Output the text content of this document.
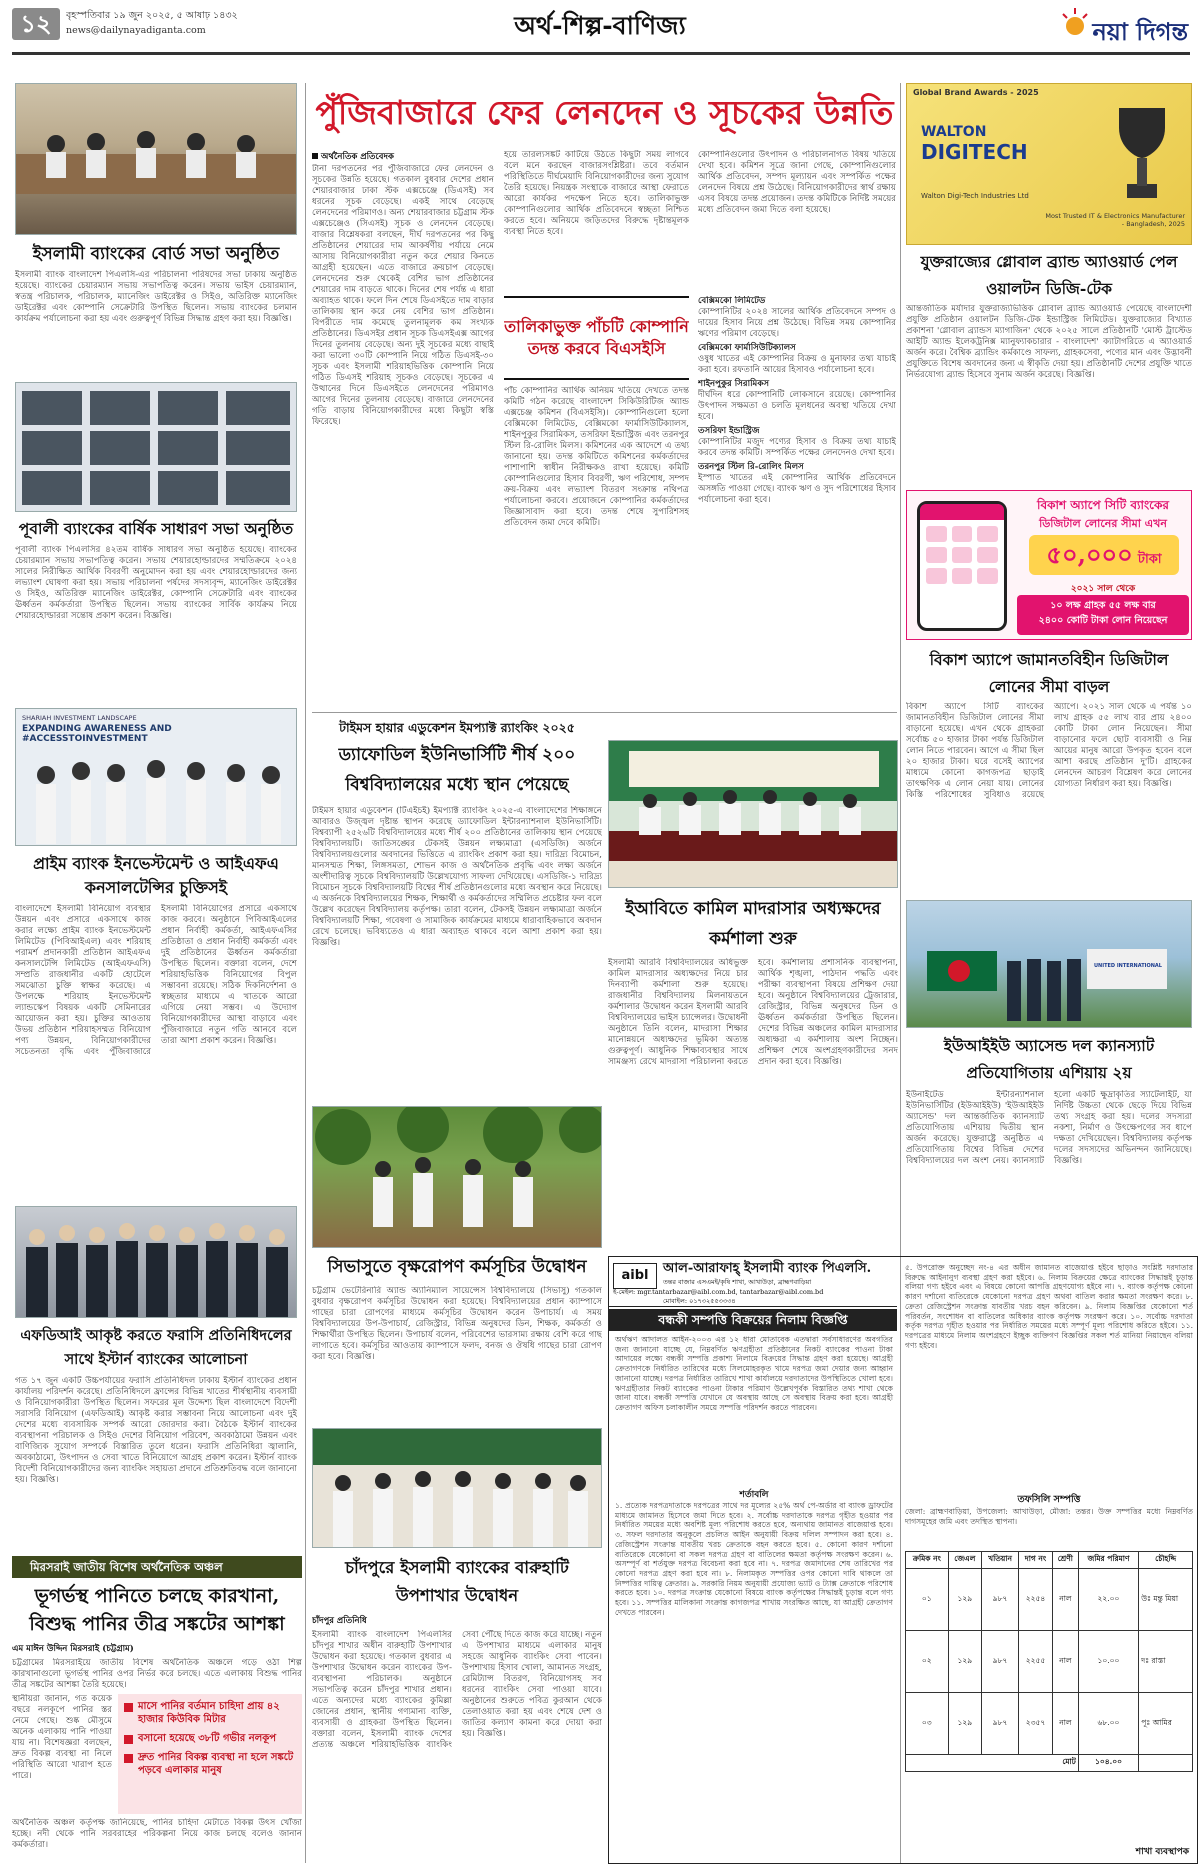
১২	বৃহস্পতিবার ১৯ জুন ২০২৫, ৫ আষাঢ় ১৪৩২
news@dailynayadiganta.com	অর্থ-শিল্প-বাণিজ্য	নয়া দিগন্ত
ইসলামী ব্যাংকের বোর্ড সভা অনুষ্ঠিত
ইসলামী ব্যাংক বাংলাদেশ পিএলসি-এর পরিচালনা পরিষদের সভা ঢাকায় অনুষ্ঠিত হয়েছে। ব্যাংকের চেয়ারম্যান সভায় সভাপতিত্ব করেন। সভায় ভাইস চেয়ারম্যান, স্বতন্ত্র পরিচালক, পরিচালক, ম্যানেজিং ডাইরেক্টর ও সিইও, অতিরিক্ত ম্যানেজিং ডাইরেক্টর এবং কোম্পানি সেক্রেটারি উপস্থিত ছিলেন। সভায় ব্যাংকের চলমান কার্যক্রম পর্যালোচনা করা হয় এবং গুরুত্বপূর্ণ বিভিন্ন সিদ্ধান্ত গ্রহণ করা হয়। বিজ্ঞপ্তি।
পূবালী ব্যাংকের বার্ষিক সাধারণ সভা অনুষ্ঠিত
পূবালী ব্যাংক পিএলসির ৪২তম বার্ষিক সাধারণ সভা অনুষ্ঠিত হয়েছে। ব্যাংকের চেয়ারম্যান সভায় সভাপতিত্ব করেন। সভায় শেয়ারহোল্ডারদের সম্মতিক্রমে ২০২৪ সালের নিরীক্ষিত আর্থিক বিবরণী অনুমোদন করা হয় এবং শেয়ারহোল্ডারদের জন্য লভ্যাংশ ঘোষণা করা হয়। সভায় পরিচালনা পর্ষদের সদস্যবৃন্দ, ম্যানেজিং ডাইরেক্টর ও সিইও, অতিরিক্ত ম্যানেজিং ডাইরেক্টর, কোম্পানি সেক্রেটারি এবং ব্যাংকের ঊর্ধ্বতন কর্মকর্তারা উপস্থিত ছিলেন। সভায় ব্যাংকের সার্বিক কার্যক্রম নিয়ে শেয়ারহোল্ডাররা সন্তোষ প্রকাশ করেন। বিজ্ঞপ্তি।
SHARIAH INVESTMENT LANDSCAPE
EXPANDING AWARENESS AND #ACCESSTOINVESTMENT
প্রাইম ব্যাংক ইনভেস্টমেন্ট ও আইএফএ কনসালটেন্সির চুক্তিসই
বাংলাদেশে ইসলামী বিনিয়োগ ব্যবস্থার উন্নয়ন এবং প্রসারে একসাথে কাজ করার লক্ষ্যে প্রাইম ব্যাংক ইনভেস্টমেন্ট লিমিটেড (পিবিআইএল) এবং শরিয়াহ পরামর্শ প্রদানকারী প্রতিষ্ঠান আইএফএ কনসালটেন্সি লিমিটেড (আইএফএসি) সম্প্রতি রাজধানীর একটি হোটেলে সমঝোতা চুক্তি স্বাক্ষর করেছে। এ উপলক্ষে শরিয়াহ ইনভেস্টমেন্ট ল্যান্ডস্কেপ বিষয়ক একটি সেমিনারের আয়োজন করা হয়। চুক্তির আওতায় উভয় প্রতিষ্ঠান শরিয়াহসম্মত বিনিয়োগ পণ্য উন্নয়ন, বিনিয়োগকারীদের সচেতনতা বৃদ্ধি এবং পুঁজিবাজারে ইসলামী বিনিয়োগের প্রসারে একসাথে কাজ করবে। অনুষ্ঠানে পিবিআইএলের প্রধান নির্বাহী কর্মকর্তা, আইএফএসির প্রতিষ্ঠাতা ও প্রধান নির্বাহী কর্মকর্তা এবং দুই প্রতিষ্ঠানের ঊর্ধ্বতন কর্মকর্তারা উপস্থিত ছিলেন। বক্তারা বলেন, দেশে শরিয়াহভিত্তিক বিনিয়োগের বিপুল সম্ভাবনা রয়েছে। সঠিক দিকনির্দেশনা ও স্বচ্ছতার মাধ্যমে এ খাতকে আরো এগিয়ে নেয়া সম্ভব। এ উদ্যোগ বিনিয়োগকারীদের আস্থা বাড়াবে এবং পুঁজিবাজারে নতুন গতি আনবে বলে তারা আশা প্রকাশ করেন। বিজ্ঞপ্তি।
এফডিআই আকৃষ্ট করতে ফরাসি প্রতিনিধিদলের সাথে ইস্টার্ন ব্যাংকের আলোচনা
গত ১৭ জুন একটি উচ্চপর্যায়ের ফরাসি প্রতিনিধিদল ঢাকায় ইস্টার্ন ব্যাংকের প্রধান কার্যালয় পরিদর্শন করেছে। প্রতিনিধিদলে ফ্রান্সের বিভিন্ন খাতের শীর্ষস্থানীয় ব্যবসায়ী ও বিনিয়োগকারীরা উপস্থিত ছিলেন। সফরের মূল উদ্দেশ্য ছিল বাংলাদেশে বিদেশী সরাসরি বিনিয়োগ (এফডিআই) আকৃষ্ট করার সম্ভাবনা নিয়ে আলোচনা এবং দুই দেশের মধ্যে ব্যবসায়িক সম্পর্ক আরো জোরদার করা। বৈঠকে ইস্টার্ন ব্যাংকের ব্যবস্থাপনা পরিচালক ও সিইও দেশের বিনিয়োগ পরিবেশ, অবকাঠামো উন্নয়ন এবং বাণিজ্যিক সুযোগ সম্পর্কে বিস্তারিত তুলে ধরেন। ফরাসি প্রতিনিধিরা জ্বালানি, অবকাঠামো, উৎপাদন ও সেবা খাতে বিনিয়োগে আগ্রহ প্রকাশ করেন। ইস্টার্ন ব্যাংক বিদেশী বিনিয়োগকারীদের জন্য ব্যাংকিং সহায়তা প্রদানে প্রতিশ্রুতিবদ্ধ বলে জানানো হয়। বিজ্ঞপ্তি।
মিরসরাই জাতীয় বিশেষ অর্থনৈতিক অঞ্চল
ভূগর্ভস্থ পানিতে চলছে কারখানা, বিশুদ্ধ পানির তীব্র সঙ্কটের আশঙ্কা
এম মাঈন উদ্দিন মিরসরাই (চট্টগ্রাম)
চট্টগ্রামের মিরসরাইয়ে জাতীয় বিশেষ অর্থনৈতিক অঞ্চলে গড়ে ওঠা শিল্প কারখানাগুলো ভূগর্ভস্থ পানির ওপর নির্ভর করে চলছে। এতে এলাকায় বিশুদ্ধ পানির তীব্র সঙ্কটের আশঙ্কা তৈরি হয়েছে।
স্থানীয়রা জানান, গত কয়েক বছরে নলকূপে পানির স্তর নেমে গেছে। শুষ্ক মৌসুমে অনেক এলাকায় পানি পাওয়া যায় না। বিশেষজ্ঞরা বলছেন, দ্রুত বিকল্প ব্যবস্থা না নিলে পরিস্থিতি আরো খারাপ হতে পারে।
মাসে পানির বর্তমান চাহিদা প্রায় ৪২ হাজার কিউবিক মিটার
বসানো হয়েছে ৩৮টি গভীর নলকূপ
দ্রুত পানির বিকল্প ব্যবস্থা না হলে সঙ্কটে পড়বে এলাকার মানুষ
অর্থনৈতিক অঞ্চল কর্তৃপক্ষ জানিয়েছে, পানির চাহিদা মেটাতে বিকল্প উৎস খোঁজা হচ্ছে। নদী থেকে পানি সরবরাহের পরিকল্পনা নিয়ে কাজ চলছে বলেও জানান কর্মকর্তারা।
পুঁজিবাজারে ফের লেনদেন ও সূচকের উন্নতি
অর্থনৈতিক প্রতিবেদক
টানা দরপতনের পর পুঁজিবাজারে ফের লেনদেন ও সূচকের উন্নতি হয়েছে। গতকাল বুধবার দেশের প্রধান শেয়ারবাজার ঢাকা স্টক এক্সচেঞ্জে (ডিএসই) সব ধরনের সূচক বেড়েছে। একই সাথে বেড়েছে লেনদেনের পরিমাণও। অন্য শেয়ারবাজার চট্টগ্রাম স্টক এক্সচেঞ্জেও (সিএসই) সূচক ও লেনদেন বেড়েছে। বাজার বিশ্লেষকরা বলছেন, দীর্ঘ দরপতনের পর কিছু প্রতিষ্ঠানের শেয়ারের দাম আকর্ষণীয় পর্যায়ে নেমে আসায় বিনিয়োগকারীরা নতুন করে শেয়ার কিনতে আগ্রহী হয়েছেন। এতে বাজারে ক্রয়চাপ বেড়েছে। লেনদেনের শুরু থেকেই বেশির ভাগ প্রতিষ্ঠানের শেয়ারের দাম বাড়তে থাকে। দিনের শেষ পর্যন্ত এ ধারা অব্যাহত থাকে। ফলে দিন শেষে ডিএসইতে দাম বাড়ার তালিকায় স্থান করে নেয় বেশির ভাগ প্রতিষ্ঠান। বিপরীতে দাম কমেছে তুলনামূলক কম সংখ্যক প্রতিষ্ঠানের। ডিএসইর প্রধান সূচক ডিএসইএক্স আগের দিনের তুলনায় বেড়েছে। অন্য দুই সূচকের মধ্যে বাছাই করা ভালো ৩০টি কোম্পানি নিয়ে গঠিত ডিএসই-৩০ সূচক এবং ইসলামী শরিয়াহভিত্তিক কোম্পানি নিয়ে গঠিত ডিএসই শরিয়াহ সূচকও বেড়েছে। সূচকের এ উত্থানের দিনে ডিএসইতে লেনদেনের পরিমাণও আগের দিনের তুলনায় বেড়েছে। বাজারে লেনদেনের গতি বাড়ায় বিনিয়োগকারীদের মধ্যে কিছুটা স্বস্তি ফিরেছে।
হয়ে তারল্যসঙ্কট কাটিয়ে উঠতে কিছুটা সময় লাগবে বলে মনে করছেন বাজারসংশ্লিষ্টরা। তবে বর্তমান পরিস্থিতিতে দীর্ঘমেয়াদি বিনিয়োগকারীদের জন্য সুযোগ তৈরি হয়েছে। নিয়ন্ত্রক সংস্থাকে বাজারে আস্থা ফেরাতে আরো কার্যকর পদক্ষেপ নিতে হবে। তালিকাভুক্ত কোম্পানিগুলোর আর্থিক প্রতিবেদনে স্বচ্ছতা নিশ্চিত করতে হবে। অনিয়মে জড়িতদের বিরুদ্ধে দৃষ্টান্তমূলক ব্যবস্থা নিতে হবে।
কোম্পানিগুলোর উৎপাদন ও পরিচালনাগত বিষয় খতিয়ে দেখা হবে। কমিশন সূত্রে জানা গেছে, কোম্পানিগুলোর আর্থিক প্রতিবেদন, সম্পদ মূল্যায়ন এবং সম্পর্কিত পক্ষের লেনদেন বিষয়ে প্রশ্ন উঠেছে। বিনিয়োগকারীদের স্বার্থ রক্ষায় এসব বিষয়ে তদন্ত প্রয়োজন। তদন্ত কমিটিকে নির্দিষ্ট সময়ের মধ্যে প্রতিবেদন জমা দিতে বলা হয়েছে।
তালিকাভুক্ত পাঁচটি কোম্পানি তদন্ত করবে বিএসইসি
পাঁচ কোম্পানির আর্থিক অনিয়ম খতিয়ে দেখতে তদন্ত কমিটি গঠন করেছে বাংলাদেশ সিকিউরিটিজ অ্যান্ড এক্সচেঞ্জ কমিশন (বিএসইসি)। কোম্পানিগুলো হলো বেক্সিমকো লিমিটেড, বেক্সিমকো ফার্মাসিউটিক্যালস, শাইনপুকুর সিরামিকস, তসরিফা ইন্ডাস্ট্রিজ এবং তরনপুর স্টিল রি-রোলিং মিলস। কমিশনের এক আদেশে এ তথ্য জানানো হয়। তদন্ত কমিটিতে কমিশনের কর্মকর্তাদের পাশাপাশি স্বাধীন নিরীক্ষকও রাখা হয়েছে। কমিটি কোম্পানিগুলোর হিসাব বিবরণী, ঋণ পরিশোধ, সম্পদ ক্রয়-বিক্রয় এবং লভ্যাংশ বিতরণ সংক্রান্ত নথিপত্র পর্যালোচনা করবে। প্রয়োজনে কোম্পানির কর্মকর্তাদের জিজ্ঞাসাবাদ করা হবে। তদন্ত শেষে সুপারিশসহ প্রতিবেদন জমা দেবে কমিটি।
বেক্সিমকো লিমিটেড
কোম্পানিটির ২০২৪ সালের আর্থিক প্রতিবেদনে সম্পদ ও দায়ের হিসাব নিয়ে প্রশ্ন উঠেছে। বিভিন্ন সময় কোম্পানির ঋণের পরিমাণ বেড়েছে।
বেক্সিমকো ফার্মাসিউটিক্যালস
ওষুধ খাতের এই কোম্পানির বিক্রয় ও মুনাফার তথ্য যাচাই করা হবে। রফতানি আয়ের হিসাবও পর্যালোচনা হবে।
শাইনপুকুর সিরামিকস
দীর্ঘদিন ধরে কোম্পানিটি লোকসানে রয়েছে। কোম্পানির উৎপাদন সক্ষমতা ও চলতি মূলধনের অবস্থা খতিয়ে দেখা হবে।
তসরিফা ইন্ডাস্ট্রিজ
কোম্পানিটির মজুদ পণ্যের হিসাব ও বিক্রয় তথ্য যাচাই করবে তদন্ত কমিটি। সম্পর্কিত পক্ষের লেনদেনও দেখা হবে।
তরনপুর স্টিল রি-রোলিং মিলস
ইস্পাত খাতের এই কোম্পানির আর্থিক প্রতিবেদনে অসঙ্গতি পাওয়া গেছে। ব্যাংক ঋণ ও সুদ পরিশোধের হিসাব পর্যালোচনা করা হবে।
টাইমস হায়ার এডুকেশন ইমপ্যাক্ট র‌্যাংকিং ২০২৫
ড্যাফোডিল ইউনিভার্সিটি শীর্ষ ২০০ বিশ্ববিদ্যালয়ের মধ্যে স্থান পেয়েছে
টাইমস হায়ার এডুকেশন (টিএইচই) ইমপ্যাক্ট র‌্যাংকিং ২০২৫-এ বাংলাদেশের শিক্ষাঙ্গনে আবারও উজ্জ্বল দৃষ্টান্ত স্থাপন করেছে ড্যাফোডিল ইন্টারন্যাশনাল ইউনিভার্সিটি। বিশ্বব্যাপী ২৫২৬টি বিশ্ববিদ্যালয়ের মধ্যে শীর্ষ ২০০ প্রতিষ্ঠানের তালিকায় স্থান পেয়েছে বিশ্ববিদ্যালয়টি। জাতিসঙ্ঘের টেকসই উন্নয়ন লক্ষ্যমাত্রা (এসডিজি) অর্জনে বিশ্ববিদ্যালয়গুলোর অবদানের ভিত্তিতে এ র‌্যাংকিং প্রকাশ করা হয়। দারিদ্র্য বিমোচন, মানসম্মত শিক্ষা, লিঙ্গসমতা, শোভন কাজ ও অর্থনৈতিক প্রবৃদ্ধি এবং লক্ষ্য অর্জনে অংশীদারিত্ব সূচকে বিশ্ববিদ্যালয়টি উল্লেখযোগ্য সাফল্য দেখিয়েছে। এসডিজি-১ দারিদ্র্য বিমোচন সূচকে বিশ্ববিদ্যালয়টি বিশ্বের শীর্ষ প্রতিষ্ঠানগুলোর মধ্যে অবস্থান করে নিয়েছে। এ অর্জনকে বিশ্ববিদ্যালয়ের শিক্ষক, শিক্ষার্থী ও কর্মকর্তাদের সম্মিলিত প্রচেষ্টার ফল বলে উল্লেখ করেছেন বিশ্ববিদ্যালয় কর্তৃপক্ষ। তারা বলেন, টেকসই উন্নয়ন লক্ষ্যমাত্রা অর্জনে বিশ্ববিদ্যালয়টি শিক্ষা, গবেষণা ও সামাজিক কার্যক্রমের মাধ্যমে ধারাবাহিকভাবে অবদান রেখে চলেছে। ভবিষ্যতেও এ ধারা অব্যাহত থাকবে বলে আশা প্রকাশ করা হয়। বিজ্ঞপ্তি।
ইআবিতে কামিল মাদরাসার অধ্যক্ষদের কর্মশালা শুরু
ইসলামী আরবি বিশ্ববিদ্যালয়ের অধিভুক্ত কামিল মাদরাসার অধ্যক্ষদের নিয়ে চার দিনব্যাপী কর্মশালা শুরু হয়েছে। রাজধানীর বিশ্ববিদ্যালয় মিলনায়তনে কর্মশালার উদ্বোধন করেন ইসলামী আরবি বিশ্ববিদ্যালয়ের ভাইস চ্যান্সেলর। উদ্বোধনী অনুষ্ঠানে তিনি বলেন, মাদরাসা শিক্ষার মানোন্নয়নে অধ্যক্ষদের ভূমিকা অত্যন্ত গুরুত্বপূর্ণ। আধুনিক শিক্ষাব্যবস্থার সাথে সামঞ্জস্য রেখে মাদরাসা পরিচালনা করতে হবে। কর্মশালায় প্রশাসনিক ব্যবস্থাপনা, আর্থিক শৃঙ্খলা, পাঠদান পদ্ধতি এবং পরীক্ষা ব্যবস্থাপনা বিষয়ে প্রশিক্ষণ দেয়া হবে। অনুষ্ঠানে বিশ্ববিদ্যালয়ের ট্রেজারার, রেজিস্ট্রার, বিভিন্ন অনুষদের ডিন ও ঊর্ধ্বতন কর্মকর্তারা উপস্থিত ছিলেন। দেশের বিভিন্ন অঞ্চলের কামিল মাদরাসার অধ্যক্ষরা এ কর্মশালায় অংশ নিচ্ছেন। প্রশিক্ষণ শেষে অংশগ্রহণকারীদের সনদ প্রদান করা হবে। বিজ্ঞপ্তি।
সিভাসুতে বৃক্ষরোপণ কর্মসূচির উদ্বোধন
চট্টগ্রাম ভেটেরিনারি অ্যান্ড অ্যানিম্যাল সায়েন্সেস বিশ্ববিদ্যালয়ে (সিভাসু) গতকাল বুধবার বৃক্ষরোপণ কর্মসূচির উদ্বোধন করা হয়েছে। বিশ্ববিদ্যালয়ের প্রধান ক্যাম্পাসে গাছের চারা রোপণের মাধ্যমে কর্মসূচির উদ্বোধন করেন উপাচার্য। এ সময় বিশ্ববিদ্যালয়ের উপ-উপাচার্য, রেজিস্ট্রার, বিভিন্ন অনুষদের ডিন, শিক্ষক, কর্মকর্তা ও শিক্ষার্থীরা উপস্থিত ছিলেন। উপাচার্য বলেন, পরিবেশের ভারসাম্য রক্ষায় বেশি করে গাছ লাগাতে হবে। কর্মসূচির আওতায় ক্যাম্পাসে ফলদ, বনজ ও ঔষধি গাছের চারা রোপণ করা হবে। বিজ্ঞপ্তি।
চাঁদপুরে ইসলামী ব্যাংকের বারুহাটি উপশাখার উদ্বোধন
চাঁদপুর প্রতিনিধি
ইসলামী ব্যাংক বাংলাদেশ পিএলসির চাঁদপুর শাখার অধীন বারুহাটি উপশাখার উদ্বোধন করা হয়েছে। গতকাল বুধবার এ উপশাখার উদ্বোধন করেন ব্যাংকের উপ-ব্যবস্থাপনা পরিচালক। অনুষ্ঠানে সভাপতিত্ব করেন চাঁদপুর শাখার প্রধান। এতে অন্যদের মধ্যে ব্যাংকের কুমিল্লা জোনের প্রধান, স্থানীয় গণ্যমান্য ব্যক্তি, ব্যবসায়ী ও গ্রাহকরা উপস্থিত ছিলেন। বক্তারা বলেন, ইসলামী ব্যাংক দেশের প্রত্যন্ত অঞ্চলে শরিয়াহভিত্তিক ব্যাংকিং সেবা পৌঁছে দিতে কাজ করে যাচ্ছে। নতুন এ উপশাখার মাধ্যমে এলাকার মানুষ সহজে আধুনিক ব্যাংকিং সেবা পাবেন। উপশাখায় হিসাব খোলা, আমানত সংগ্রহ, রেমিট্যান্স বিতরণ, বিনিয়োগসহ সব ধরনের ব্যাংকিং সেবা পাওয়া যাবে। অনুষ্ঠানের শুরুতে পবিত্র কুরআন থেকে তেলাওয়াত করা হয় এবং শেষে দেশ ও জাতির কল্যাণ কামনা করে দোয়া করা হয়। বিজ্ঞপ্তি।
aibl	আল-আরাফাহ্ ইসলামী ব্যাংক পিএলসি.
তন্তর বাজার এসএমই/কৃষি শাখা, আখাউড়া, ব্রাহ্মণবাড়িয়া
ই-মেইল: mgr.tantarbazar@aibl.com.bd, tantarbazar@aibl.com.bd
মোবাইল: ০১৭৩২৫৫৩৩৩৪
বন্ধকী সম্পত্তি বিক্রয়ের নিলাম বিজ্ঞপ্তি
অর্থঋণ আদালত আইন-২০০৩ এর ১২ ধারা মোতাবেক এতদ্বারা সর্বসাধারণের অবগতির জন্য জানানো যাচ্ছে যে, নিম্নবর্ণিত ঋণগ্রহীতা প্রতিষ্ঠানের নিকট ব্যাংকের পাওনা টাকা আদায়ের লক্ষ্যে বন্ধকী সম্পত্তি প্রকাশ্য নিলামে বিক্রয়ের সিদ্ধান্ত গ্রহণ করা হয়েছে। আগ্রহী ক্রেতাগণকে নির্ধারিত তারিখের মধ্যে সিলমোহরকৃত খামে দরপত্র জমা দেয়ার জন্য আহ্বান জানানো যাচ্ছে। দরপত্র নির্ধারিত তারিখে শাখা কার্যালয়ে দরদাতাদের উপস্থিতিতে খোলা হবে। ঋণগ্রহীতার নিকট ব্যাংকের পাওনা টাকার পরিমাণ উল্লেখপূর্বক বিস্তারিত তথ্য শাখা থেকে জানা যাবে। বন্ধকী সম্পত্তি যেখানে যে অবস্থায় আছে সে অবস্থায় বিক্রয় করা হবে। আগ্রহী ক্রেতাগণ অফিস চলাকালীন সময়ে সম্পত্তি পরিদর্শন করতে পারবেন।
শর্তাবলি
১. প্রত্যেক দরপত্রদাতাকে দরপত্রের সাথে দর মূল্যের ২৫% অর্থ পে-অর্ডার বা ব্যাংক ড্রাফটের মাধ্যমে জামানত হিসেবে জমা দিতে হবে। ২. সর্বোচ্চ দরদাতাকে দরপত্র গৃহীত হওয়ার পর নির্ধারিত সময়ের মধ্যে অবশিষ্ট মূল্য পরিশোধ করতে হবে, অন্যথায় জামানত বাজেয়াপ্ত হবে। ৩. সফল দরদাতার অনুকূলে প্রচলিত আইন অনুযায়ী বিক্রয় দলিল সম্পাদন করা হবে। ৪. রেজিস্ট্রেশন সংক্রান্ত যাবতীয় খরচ ক্রেতাকে বহন করতে হবে। ৫. কোনো কারণ দর্শানো ব্যতিরেকে যেকোনো বা সকল দরপত্র গ্রহণ বা বাতিলের ক্ষমতা কর্তৃপক্ষ সংরক্ষণ করেন। ৬. অসম্পূর্ণ বা শর্তযুক্ত দরপত্র বিবেচনা করা হবে না। ৭. দরপত্র জমাদানের শেষ তারিখের পর কোনো দরপত্র গ্রহণ করা হবে না। ৮. নিলামকৃত সম্পত্তির ওপর কোনো দাবি থাকলে তা নিষ্পত্তির দায়িত্ব ক্রেতার। ৯. সরকারি নিয়ম অনুযায়ী প্রযোজ্য ভ্যাট ও ট্যাক্স ক্রেতাকে পরিশোধ করতে হবে। ১০. দরপত্র সংক্রান্ত যেকোনো বিষয়ে ব্যাংক কর্তৃপক্ষের সিদ্ধান্তই চূড়ান্ত বলে গণ্য হবে। ১১. সম্পত্তির মালিকানা সংক্রান্ত কাগজপত্র শাখায় সংরক্ষিত আছে, যা আগ্রহী ক্রেতাগণ দেখতে পারবেন।
৫. উপরোক্ত অনুচ্ছেদ নং-৪ এর অধীন জামানত বাজেয়াপ্ত হইবে ছাড়াও সংশ্লিষ্ট দরদাতার বিরুদ্ধে আইনানুগ ব্যবস্থা গ্রহণ করা হইবে। ৬. নিলাম বিক্রয়ের ক্ষেত্রে ব্যাংকের সিদ্ধান্তই চূড়ান্ত বলিয়া গণ্য হইবে এবং এ বিষয়ে কোনো আপত্তি গ্রহণযোগ্য হইবে না। ৭. ব্যাংক কর্তৃপক্ষ কোনো কারণ দর্শানো ব্যতিরেকে যেকোনো দরপত্র গ্রহণ অথবা বাতিল করার ক্ষমতা সংরক্ষণ করে। ৮. ক্রেতা রেজিস্ট্রেশন সংক্রান্ত যাবতীয় খরচ বহন করিবেন। ৯. নিলাম বিজ্ঞপ্তির যেকোনো শর্ত পরিবর্তন, সংশোধন বা বাতিলের অধিকার ব্যাংক কর্তৃপক্ষ সংরক্ষণ করে। ১০. সর্বোচ্চ দরদাতা কর্তৃক দরপত্র গৃহীত হওয়ার পর নির্ধারিত সময়ের মধ্যে সম্পূর্ণ মূল্য পরিশোধ করিতে হইবে। ১১. দরপত্রের মাধ্যমে নিলাম অংশগ্রহণে ইচ্ছুক ব্যক্তিগণ বিজ্ঞপ্তির সকল শর্ত মানিয়া নিয়াছেন বলিয়া গণ্য হইবে।
তফসিলি সম্পত্তি
জেলা: ব্রাহ্মণবাড়িয়া, উপজেলা: আখাউড়া, মৌজা: তন্তর। উক্ত সম্পত্তির মধ্যে নিম্নবর্ণিত দাগসমূহের জমি এবং তদস্থিত স্থাপনা।
ক্রমিক নং	জেএল	খতিয়ান	দাগ নং	শ্রেণী	জমির পরিমাণ	চৌহদ্দি
০১	১২৯	৯৮৭	২২৫৪	নাল	২২.০০	উঃ মন্তু মিয়া
০২	১২৯	৯৮৭	২২৫৫	নাল	১০.০০	দঃ রাস্তা
০৩	১২৯	৯৮৭	২৩৫৭	নাল	৬৮.০০	পূঃ আমির
মোট					১০৪.০০	
শাখা ব্যবস্থাপক
Global Brand Awards - 2025
WALTON
DIGITECH
Walton Digi-Tech Industries Ltd
Most Trusted IT & Electronics Manufacturer - Bangladesh, 2025
যুক্তরাজ্যের গ্লোবাল ব্র্যান্ড অ্যাওয়ার্ড পেল ওয়ালটন ডিজি-টেক
আন্তর্জাতিক মর্যাদার যুক্তরাজ্যভিত্তিক গ্লোবাল ব্র্যান্ড অ্যাওয়ার্ড পেয়েছে বাংলাদেশী প্রযুক্তি প্রতিষ্ঠান ওয়ালটন ডিজি-টেক ইন্ডাস্ট্রিজ লিমিটেড। যুক্তরাজ্যের বিখ্যাত প্রকাশনা 'গ্লোবাল ব্র্যান্ডস ম্যাগাজিন' থেকে ২০২৫ সালে প্রতিষ্ঠানটি 'মোস্ট ট্রাস্টেড আইটি অ্যান্ড ইলেকট্রনিক্স ম্যানুফ্যাকচারার - বাংলাদেশ' ক্যাটাগরিতে এ অ্যাওয়ার্ড অর্জন করে। বৈশ্বিক ব্র্যান্ডিং কর্মকাণ্ডে সাফল্য, গ্রাহকসেবা, পণ্যের মান এবং উদ্ভাবনী প্রযুক্তিতে বিশেষ অবদানের জন্য এ স্বীকৃতি দেয়া হয়। প্রতিষ্ঠানটি দেশের প্রযুক্তি খাতে নির্ভরযোগ্য ব্র্যান্ড হিসেবে সুনাম অর্জন করেছে। বিজ্ঞপ্তি।
বিকাশ অ্যাপে সিটি ব্যাংকের
ডিজিটাল লোনের সীমা এখন
৫০,০০০ টাকা
২০২১ সাল থেকে
১০ লক্ষ গ্রাহক ৫৫ লক্ষ বার
২৪০০ কোটি টাকা লোন নিয়েছেন
বিকাশ অ্যাপে জামানতবিহীন ডিজিটাল লোনের সীমা বাড়ল
বিকাশ অ্যাপে সিটি ব্যাংকের জামানতবিহীন ডিজিটাল লোনের সীমা বাড়ানো হয়েছে। এখন থেকে গ্রাহকরা সর্বোচ্চ ৫০ হাজার টাকা পর্যন্ত ডিজিটাল লোন নিতে পারবেন। আগে এ সীমা ছিল ২০ হাজার টাকা। ঘরে বসেই অ্যাপের মাধ্যমে কোনো কাগজপত্র ছাড়াই তাৎক্ষণিক এ লোন নেয়া যায়। লোনের কিস্তি পরিশোধের সুবিধাও রয়েছে অ্যাপে। ২০২১ সাল থেকে এ পর্যন্ত ১০ লাখ গ্রাহক ৫৫ লাখ বার প্রায় ২৪০০ কোটি টাকা লোন নিয়েছেন। সীমা বাড়ানোর ফলে ছোট ব্যবসায়ী ও নিম্ন আয়ের মানুষ আরো উপকৃত হবেন বলে আশা করছে প্রতিষ্ঠান দু'টি। গ্রাহকের লেনদেন আচরণ বিশ্লেষণ করে লোনের যোগ্যতা নির্ধারণ করা হয়। বিজ্ঞপ্তি।
UNITED INTERNATIONAL
ইউআইইউ অ্যাসেন্ড দল ক্যানস্যাট প্রতিযোগিতায় এশিয়ায় ২য়
ইউনাইটেড ইন্টারন্যাশনাল ইউনিভার্সিটির (ইউআইইউ) 'ইউআইইউ অ্যাসেন্ড' দল আন্তর্জাতিক ক্যানস্যাট প্রতিযোগিতায় এশিয়ায় দ্বিতীয় স্থান অর্জন করেছে। যুক্তরাষ্ট্রে অনুষ্ঠিত এ প্রতিযোগিতায় বিশ্বের বিভিন্ন দেশের বিশ্ববিদ্যালয়ের দল অংশ নেয়। ক্যানস্যাট হলো একটি ক্ষুদ্রাকৃতির স্যাটেলাইট, যা নির্দিষ্ট উচ্চতা থেকে ছেড়ে দিয়ে বিভিন্ন তথ্য সংগ্রহ করা হয়। দলের সদস্যরা নকশা, নির্মাণ ও উৎক্ষেপণের সব ধাপে দক্ষতা দেখিয়েছেন। বিশ্ববিদ্যালয় কর্তৃপক্ষ দলের সদস্যদের অভিনন্দন জানিয়েছে। বিজ্ঞপ্তি।
